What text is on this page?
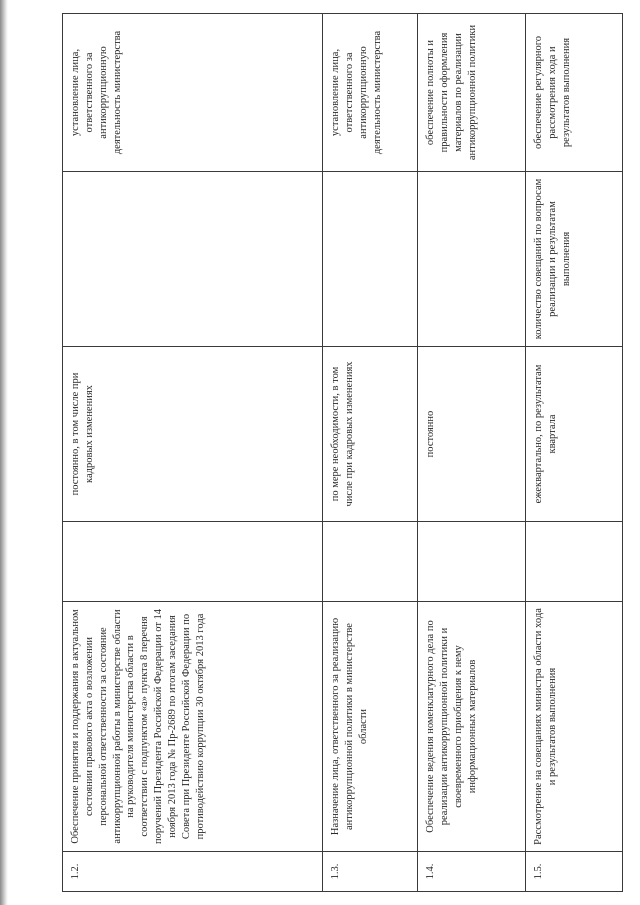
1.2.	Обеспечение принятия и поддержания в актуальном состоянии правового акта о возложении персональной ответственности за состояние антикоррупционной работы в министерстве области на руководителя министерства области в соответствии с подпунктом «а» пункта 8 перечня поручений Президента Российской Федерации от 14 ноября 2013 года № Пр-2689 по итогам заседания Совета при Президенте Российской Федерации по противодействию коррупции 30 октября 2013 года		постоянно, в том числе при кадровых изменениях		установление лица, ответственного за антикоррупционную деятельность министерства
1.3.	Назначение лица, ответственного за реализацию антикоррупционной политики в министерстве области		по мере необходимости, в том числе при кадровых изменениях		установление лица, ответственного за антикоррупционную деятельность министерства
1.4.	Обеспечение ведения номенклатурного дела по реализации антикоррупционной политики и своевременного приобщения к нему информационных материалов		постоянно		обеспечение полноты и правильности оформления материалов по реализации антикоррупционной политики
1.5.	Рассмотрение на совещаниях министра области хода и результатов выполнения		ежеквартально, по результатам квартала	количество совещаний по вопросам реализации и результатам выполнения	обеспечение регулярного рассмотрения хода и результатов выполнения
